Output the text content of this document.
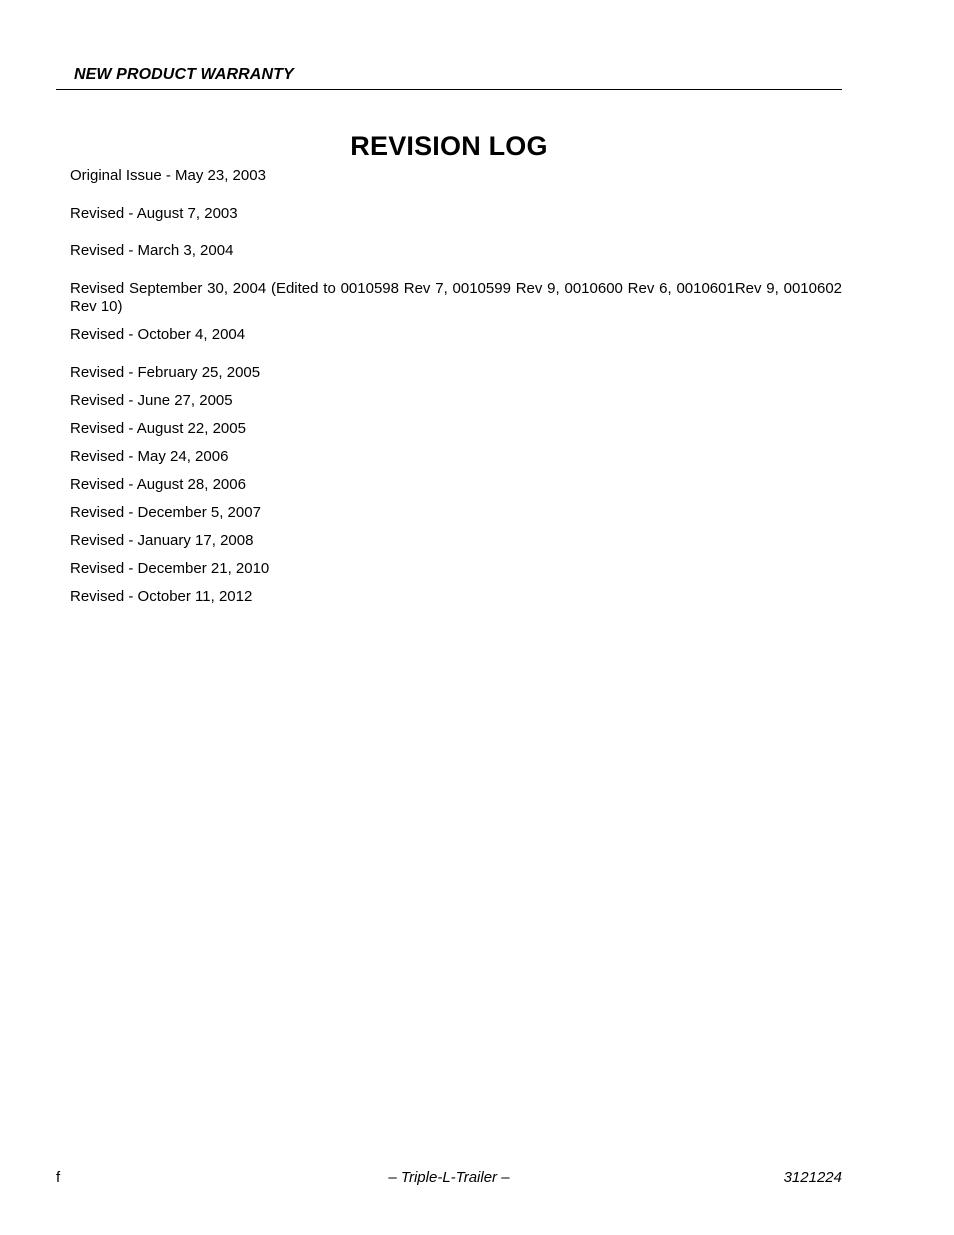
NEW PRODUCT WARRANTY
REVISION LOG
Original Issue - May 23, 2003
Revised - August 7, 2003
Revised - March 3, 2004
Revised September 30, 2004 (Edited to 0010598 Rev 7, 0010599 Rev 9, 0010600 Rev 6, 0010601Rev 9, 0010602 Rev 10)
Revised - October 4, 2004
Revised - February 25, 2005
Revised - June 27, 2005
Revised - August 22, 2005
Revised - May 24, 2006
Revised - August 28, 2006
Revised - December 5, 2007
Revised - January 17, 2008
Revised - December 21, 2010
Revised - October 11, 2012
f	– Triple-L-Trailer –	3121224
